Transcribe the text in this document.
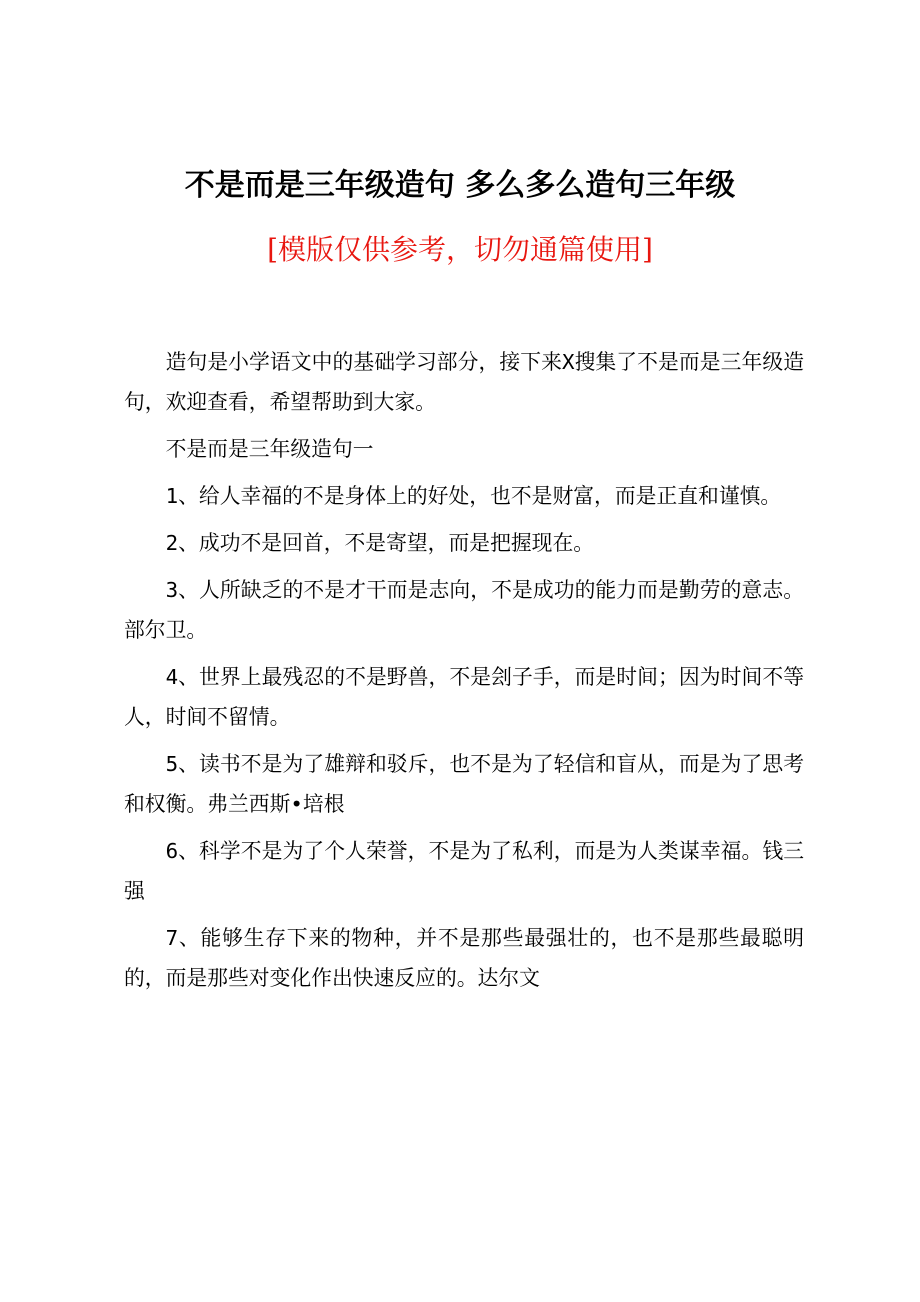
不是而是三年级造句 多么多么造句三年级
[模版仅供参考，切勿通篇使用]

造句是小学语文中的基础学习部分，接下来X搜集了不是而是三年级造句，欢迎查看，希望帮助到大家。

不是而是三年级造句一

1、给人幸福的不是身体上的好处，也不是财富，而是正直和谨慎。

2、成功不是回首，不是寄望，而是把握现在。

3、人所缺乏的不是才干而是志向，不是成功的能力而是勤劳的意志。部尔卫。

4、世界上最残忍的不是野兽，不是刽子手，而是时间；因为时间不等人，时间不留情。

5、读书不是为了雄辩和驳斥，也不是为了轻信和盲从，而是为了思考和权衡。弗兰西斯•培根

6、科学不是为了个人荣誉，不是为了私利，而是为人类谋幸福。钱三强

7、能够生存下来的物种，并不是那些最强壮的，也不是那些最聪明的，而是那些对变化作出快速反应的。达尔文
